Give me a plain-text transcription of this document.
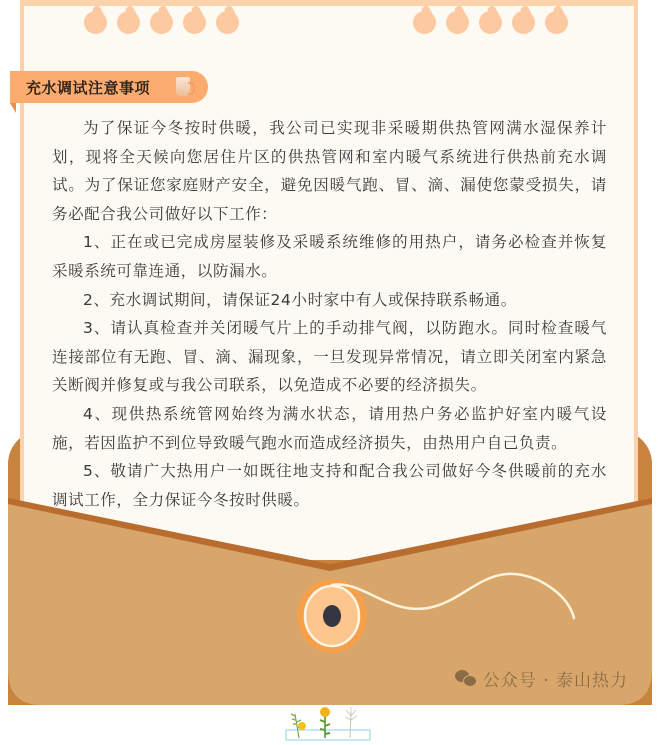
充水调试注意事项

为了保证今冬按时供暖，我公司已实现非采暖期供热管网满水湿保养计划，现将全天候向您居住片区的供热管网和室内暖气系统进行供热前充水调试。为了保证您家庭财产安全，避免因暖气跑、冒、滴、漏使您蒙受损失，请务必配合我公司做好以下工作：

1、正在或已完成房屋装修及采暖系统维修的用热户，请务必检查并恢复采暖系统可靠连通，以防漏水。

2、充水调试期间，请保证24小时家中有人或保持联系畅通。

3、请认真检查并关闭暖气片上的手动排气阀，以防跑水。同时检查暖气连接部位有无跑、冒、滴、漏现象，一旦发现异常情况，请立即关闭室内紧急关断阀并修复或与我公司联系，以免造成不必要的经济损失。

4、现供热系统管网始终为满水状态，请用热户务必监护好室内暖气设施，若因监护不到位导致暖气跑水而造成经济损失，由热用户自己负责。

5、敬请广大热用户一如既往地支持和配合我公司做好今冬供暖前的充水调试工作，全力保证今冬按时供暖。

公众号 · 泰山热力
